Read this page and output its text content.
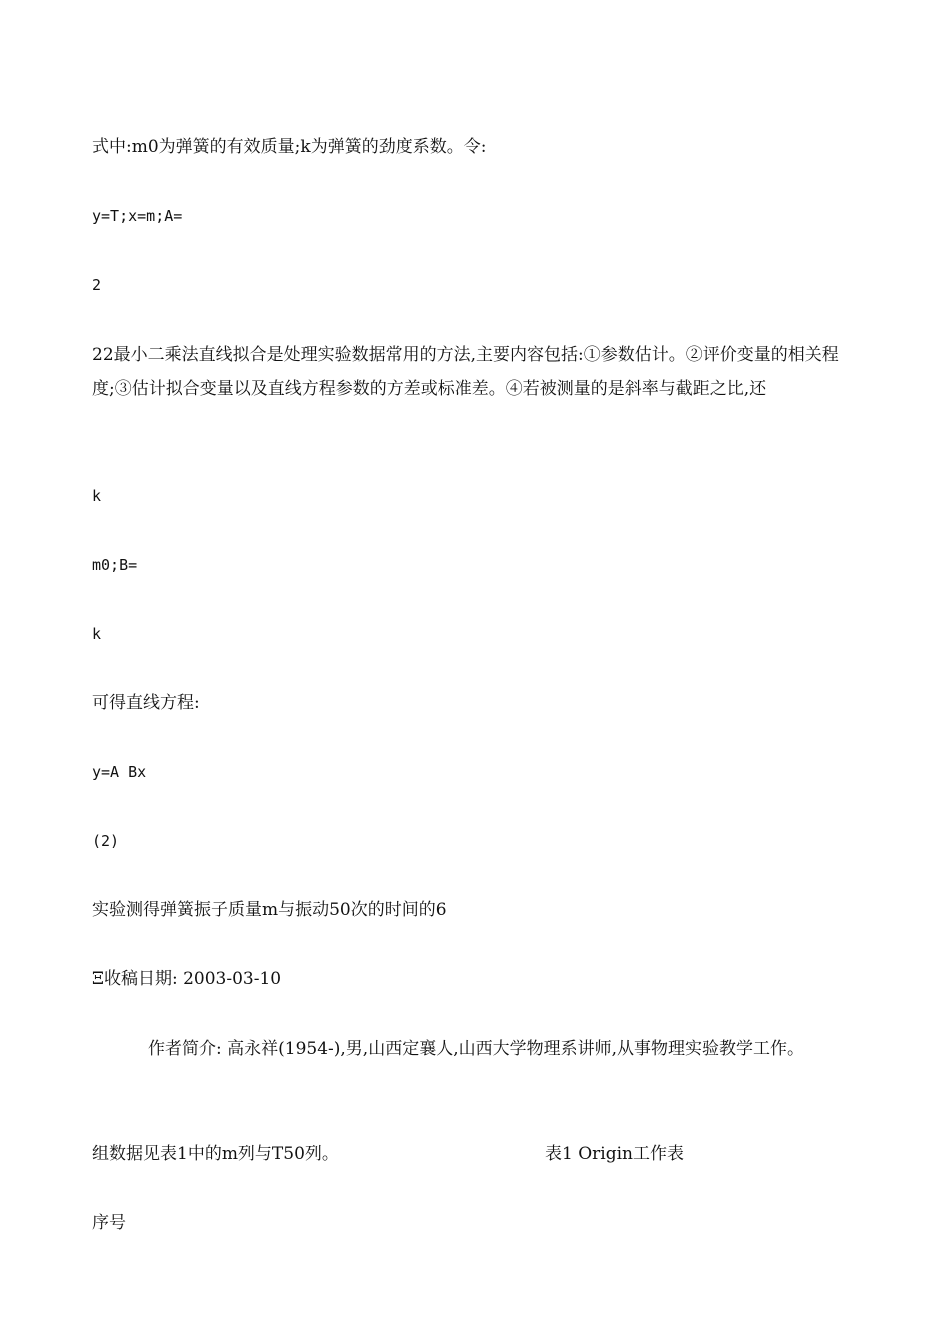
式中:m0为弹簧的有效质量;k为弹簧的劲度系数。令:
y=T;x=m;A=
2
22最小二乘法直线拟合是处理实验数据常用的方法,主要内容包括:①参数估计。②评价变量的相关程度;③估计拟合变量以及直线方程参数的方差或标准差。④若被测量的是斜率与截距之比,还
k
m0;B=
k
可得直线方程:
y=A Bx
(2)
实验测得弹簧振子质量m与振动50次的时间的6
Ξ收稿日期: 2003-03-10
作者简介: 高永祥(1954-),男,山西定襄人,山西大学物理系讲师,从事物理实验教学工作。
组数据见表1中的m列与T50列。	表1 Origin工作表
序号
